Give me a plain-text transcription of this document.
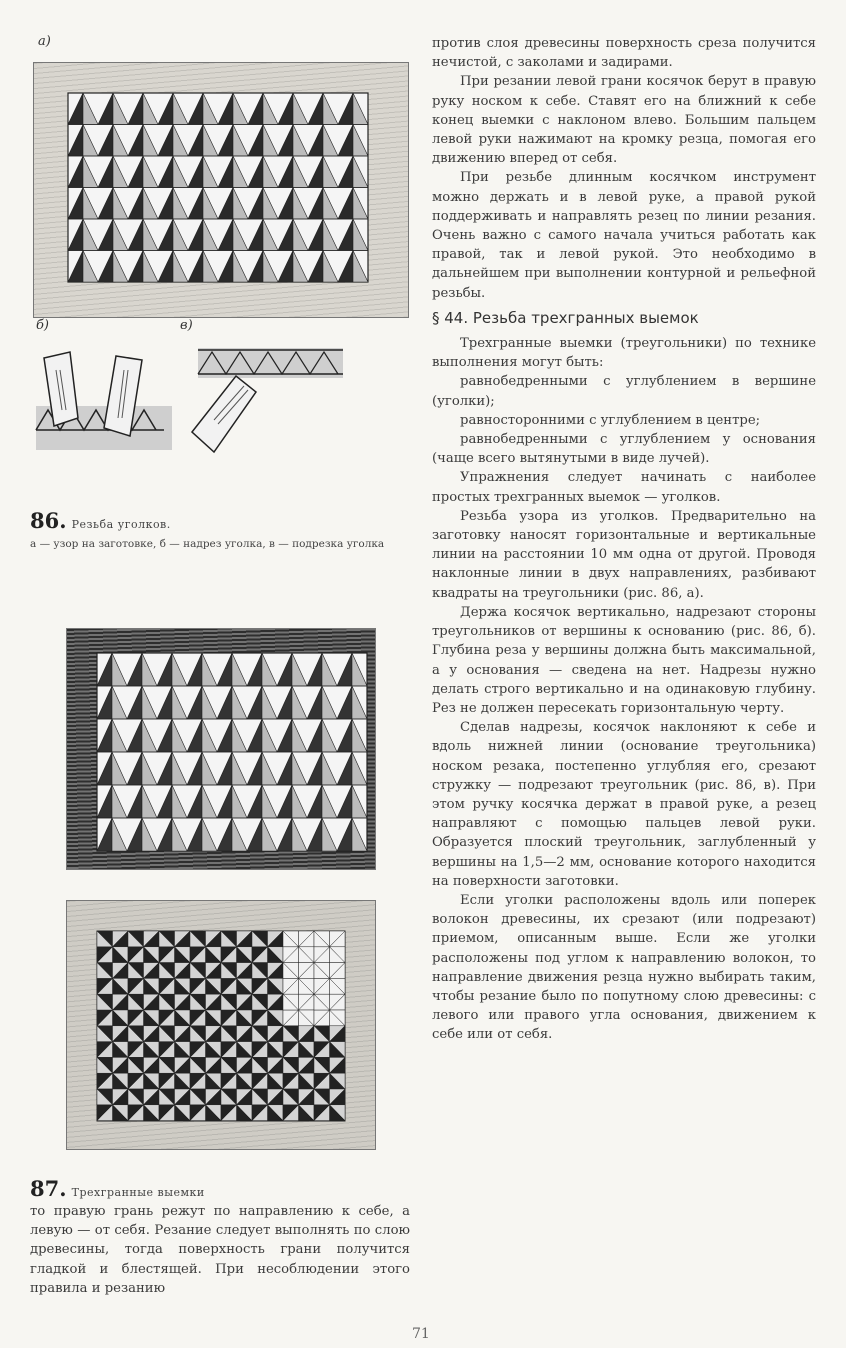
a)
б)	в)
86. Резьба уголков.
а — узор на заготовке, б — надрез уголка, в — подрезка уголка
87. Трехгранные выемки

то правую грань режут по направлению к себе, а левую — от себя. Резание следует выполнять по слою древесины, тогда поверхность грани получится гладкой и блестящей. При несоблюдении этого правила и резанию

против слоя древесины поверхность среза получится нечистой, с заколами и задирами.

При резании левой грани косячок берут в правую руку носком к себе. Ставят его на ближний к себе конец выемки с наклоном влево. Большим пальцем левой руки нажимают на кромку резца, помогая его движению вперед от себя.

При резьбе длинным косячком инструмент можно держать и в левой руке, а правой рукой поддерживать и направлять резец по линии резания. Очень важно с самого начала учиться работать как правой, так и левой рукой. Это необходимо в дальнейшем при выполнении контурной и рельефной резьбы.

§ 44. Резьба трехгранных выемок

Трехгранные выемки (треугольники) по технике выполнения могут быть:

равнобедренными с углублением в вершине (уголки);

равносторонними с углублением в центре;

равнобедренными с углублением у основания (чаще всего вытянутыми в виде лучей).

Упражнения следует начинать с наиболее простых трехгранных выемок — уголков.

Резьба узора из уголков. Предварительно на заготовку наносят горизонтальные и вертикальные линии на расстоянии 10 мм одна от другой. Проводя наклонные линии в двух направлениях, разбивают квадраты на треугольники (рис. 86, а).

Держа косячок вертикально, надрезают стороны треугольников от вершины к основанию (рис. 86, б). Глубина реза у вершины должна быть максимальной, а у основания — сведена на нет. Надрезы нужно делать строго вертикально и на одинаковую глубину. Рез не должен пересекать горизонтальную черту.

Сделав надрезы, косячок наклоняют к себе и вдоль нижней линии (основание треугольника) носком резака, постепенно углубляя его, срезают стружку — подрезают треугольник (рис. 86, в). При этом ручку косячка держат в правой руке, а резец направляют с помощью пальцев левой руки. Образуется плоский треугольник, заглубленный у вершины на 1,5—2 мм, основание которого находится на поверхности заготовки.

Если уголки расположены вдоль или поперек волокон древесины, их срезают (или подрезают) приемом, описанным выше. Если же уголки расположены под углом к направлению волокон, то направление движения резца нужно выбирать таким, чтобы резание было по попутному слою древесины: с левого или правого угла основания, движением к себе или от себя.

71
